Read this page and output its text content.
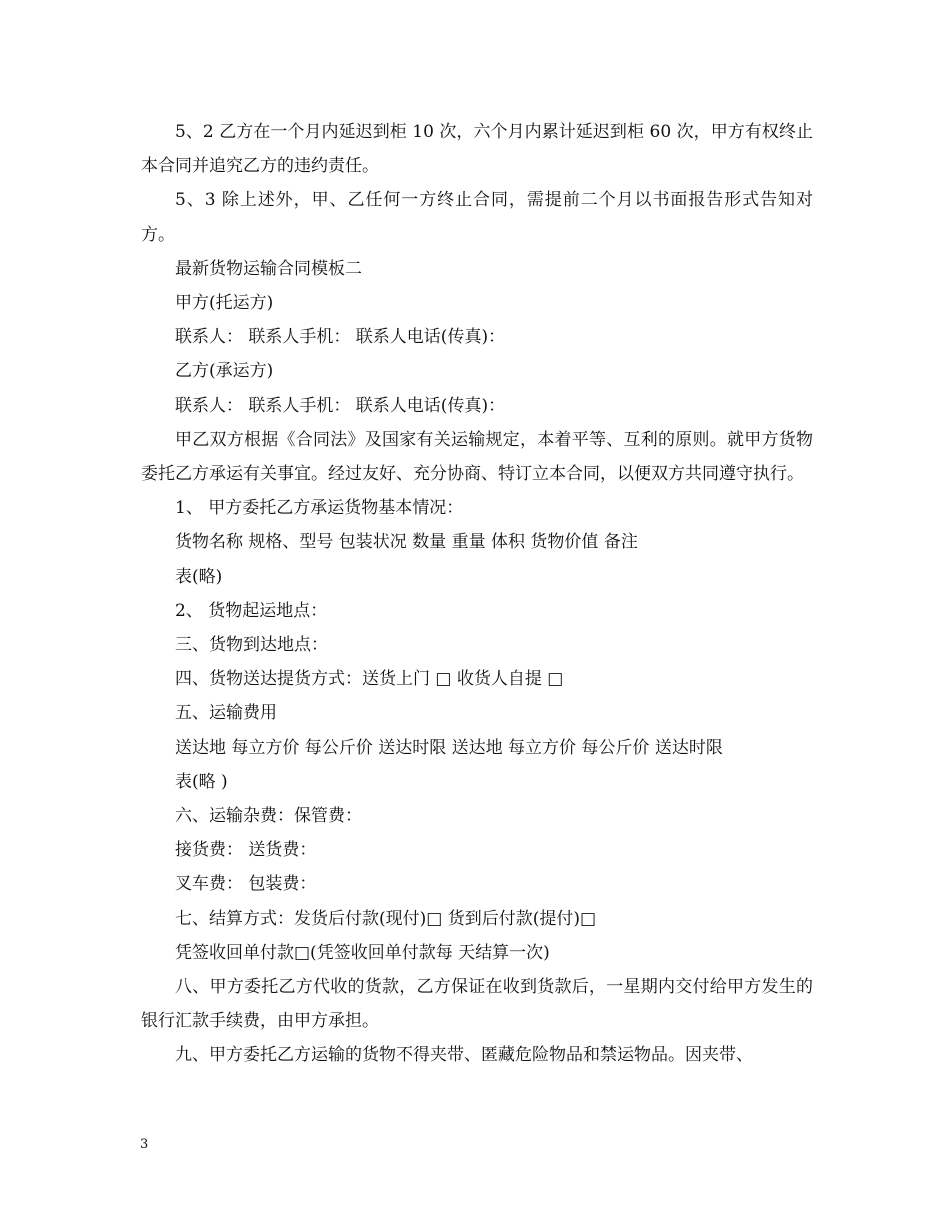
5、2 乙方在一个月内延迟到柜 10 次，六个月内累计延迟到柜 60 次，甲方有权终止本合同并追究乙方的违约责任。

5、3 除上述外，甲、乙任何一方终止合同，需提前二个月以书面报告形式告知对方。

最新货物运输合同模板二

甲方(托运方)

联系人： 联系人手机： 联系人电话(传真)：

乙方(承运方)

联系人： 联系人手机： 联系人电话(传真)：

甲乙双方根据《合同法》及国家有关运输规定，本着平等、互利的原则。就甲方货物委托乙方承运有关事宜。经过友好、充分协商、特订立本合同，以便双方共同遵守执行。

1、 甲方委托乙方承运货物基本情况：

货物名称 规格、型号 包装状况 数量 重量 体积 货物价值 备注

表(略)

2、 货物起运地点：

三、货物到达地点：

四、货物送达提货方式：送货上门 □ 收货人自提 □

五、运输费用

送达地 每立方价 每公斤价 送达时限 送达地 每立方价 每公斤价 送达时限

表(略 )

六、运输杂费：保管费：

接货费： 送货费：

叉车费： 包装费：

七、结算方式：发货后付款(现付)□ 货到后付款(提付)□

凭签收回单付款□(凭签收回单付款每 天结算一次)

八、甲方委托乙方代收的货款，乙方保证在收到货款后，一星期内交付给甲方发生的银行汇款手续费，由甲方承担。

九、甲方委托乙方运输的货物不得夹带、匿藏危险物品和禁运物品。因夹带、

3
